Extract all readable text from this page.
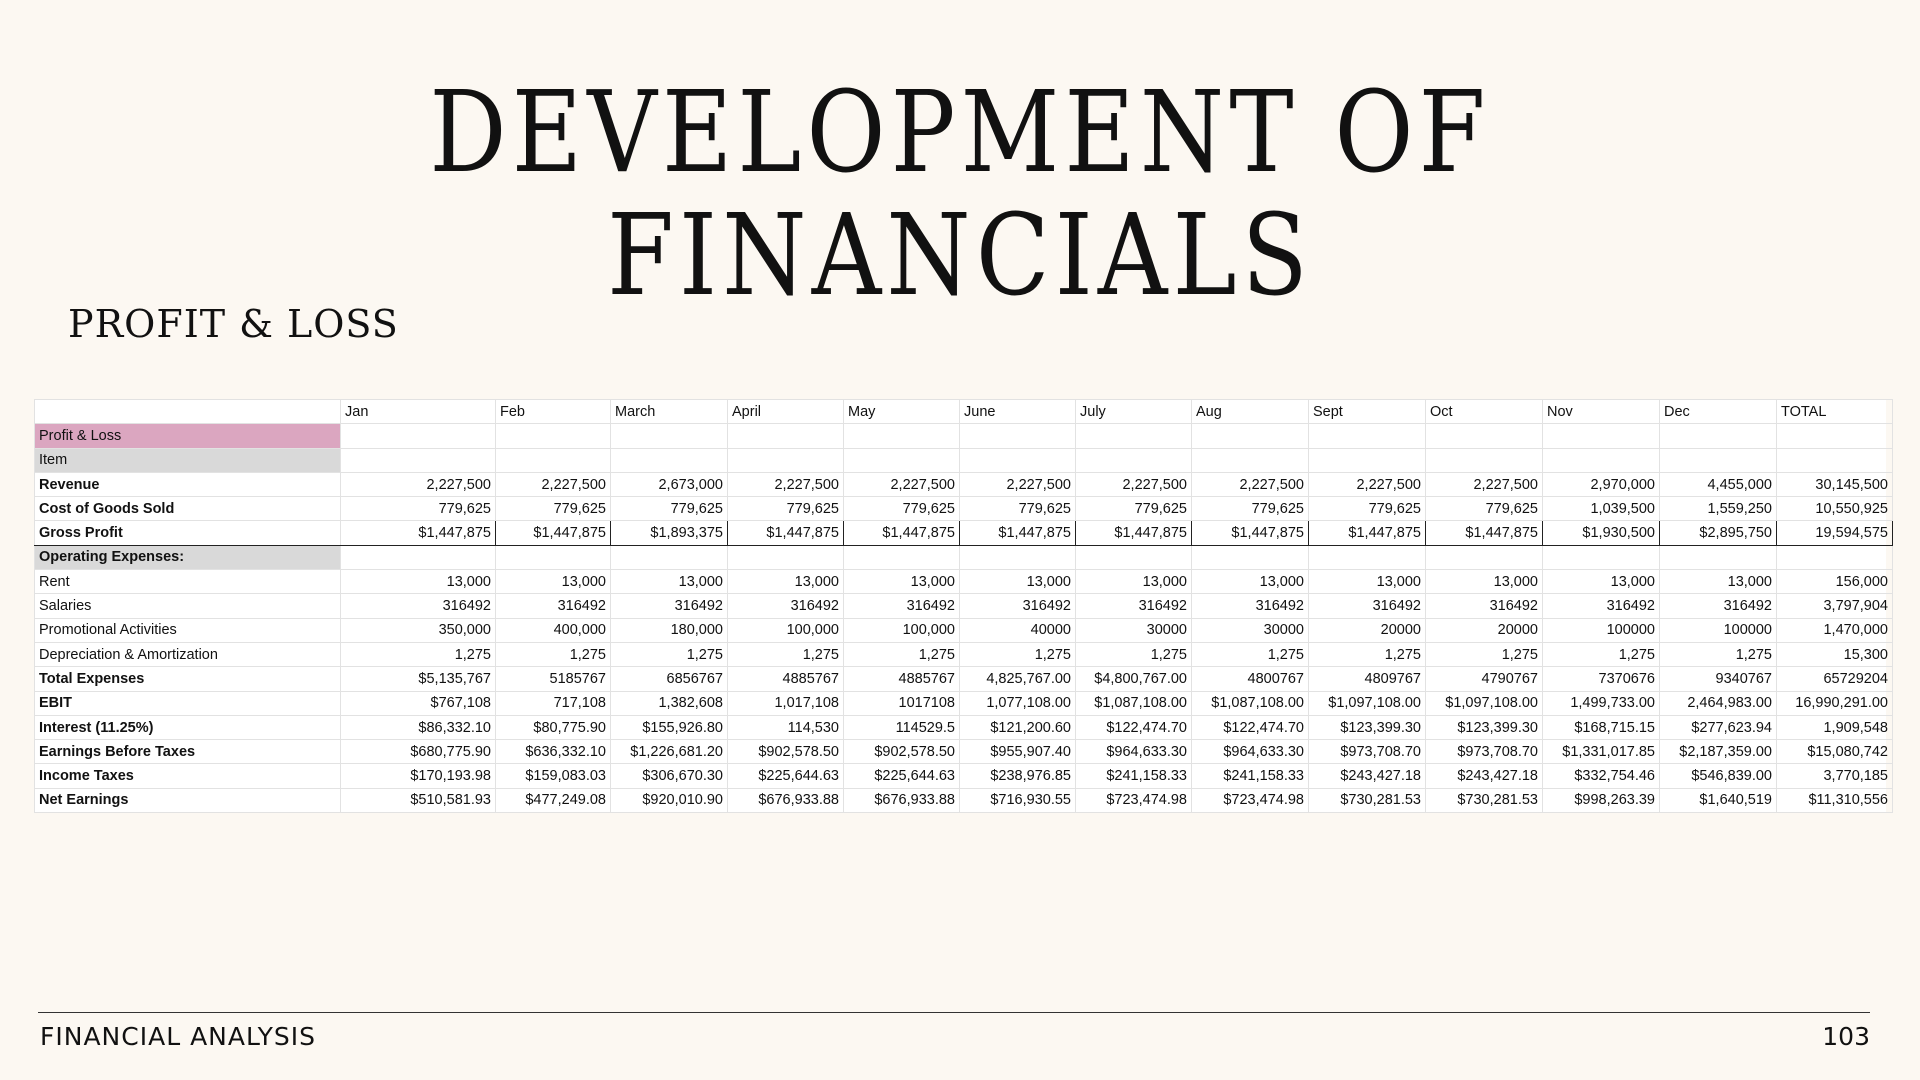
DEVELOPMENT OF FINANCIALS
PROFIT & LOSS
	Jan	Feb	March	April	May	June	July	Aug	Sept	Oct	Nov	Dec	TOTAL
Profit & Loss													
Item													
Revenue	2,227,500	2,227,500	2,673,000	2,227,500	2,227,500	2,227,500	2,227,500	2,227,500	2,227,500	2,227,500	2,970,000	4,455,000	30,145,500
Cost of Goods Sold	779,625	779,625	779,625	779,625	779,625	779,625	779,625	779,625	779,625	779,625	1,039,500	1,559,250	10,550,925
Gross Profit	$1,447,875	$1,447,875	$1,893,375	$1,447,875	$1,447,875	$1,447,875	$1,447,875	$1,447,875	$1,447,875	$1,447,875	$1,930,500	$2,895,750	19,594,575
Operating Expenses:													
Rent	13,000	13,000	13,000	13,000	13,000	13,000	13,000	13,000	13,000	13,000	13,000	13,000	156,000
Salaries	316492	316492	316492	316492	316492	316492	316492	316492	316492	316492	316492	316492	3,797,904
Promotional Activities	350,000	400,000	180,000	100,000	100,000	40000	30000	30000	20000	20000	100000	100000	1,470,000
Depreciation & Amortization	1,275	1,275	1,275	1,275	1,275	1,275	1,275	1,275	1,275	1,275	1,275	1,275	15,300
Total Expenses	$5,135,767	5185767	6856767	4885767	4885767	4,825,767.00	$4,800,767.00	4800767	4809767	4790767	7370676	9340767	65729204
EBIT	$767,108	717,108	1,382,608	1,017,108	1017108	1,077,108.00	$1,087,108.00	$1,087,108.00	$1,097,108.00	$1,097,108.00	1,499,733.00	2,464,983.00	16,990,291.00
Interest (11.25%)	$86,332.10	$80,775.90	$155,926.80	114,530	114529.5	$121,200.60	$122,474.70	$122,474.70	$123,399.30	$123,399.30	$168,715.15	$277,623.94	1,909,548
Earnings Before Taxes	$680,775.90	$636,332.10	$1,226,681.20	$902,578.50	$902,578.50	$955,907.40	$964,633.30	$964,633.30	$973,708.70	$973,708.70	$1,331,017.85	$2,187,359.00	$15,080,742
Income Taxes	$170,193.98	$159,083.03	$306,670.30	$225,644.63	$225,644.63	$238,976.85	$241,158.33	$241,158.33	$243,427.18	$243,427.18	$332,754.46	$546,839.00	3,770,185
Net Earnings	$510,581.93	$477,249.08	$920,010.90	$676,933.88	$676,933.88	$716,930.55	$723,474.98	$723,474.98	$730,281.53	$730,281.53	$998,263.39	$1,640,519	$11,310,556
FINANCIAL ANALYSIS	103
